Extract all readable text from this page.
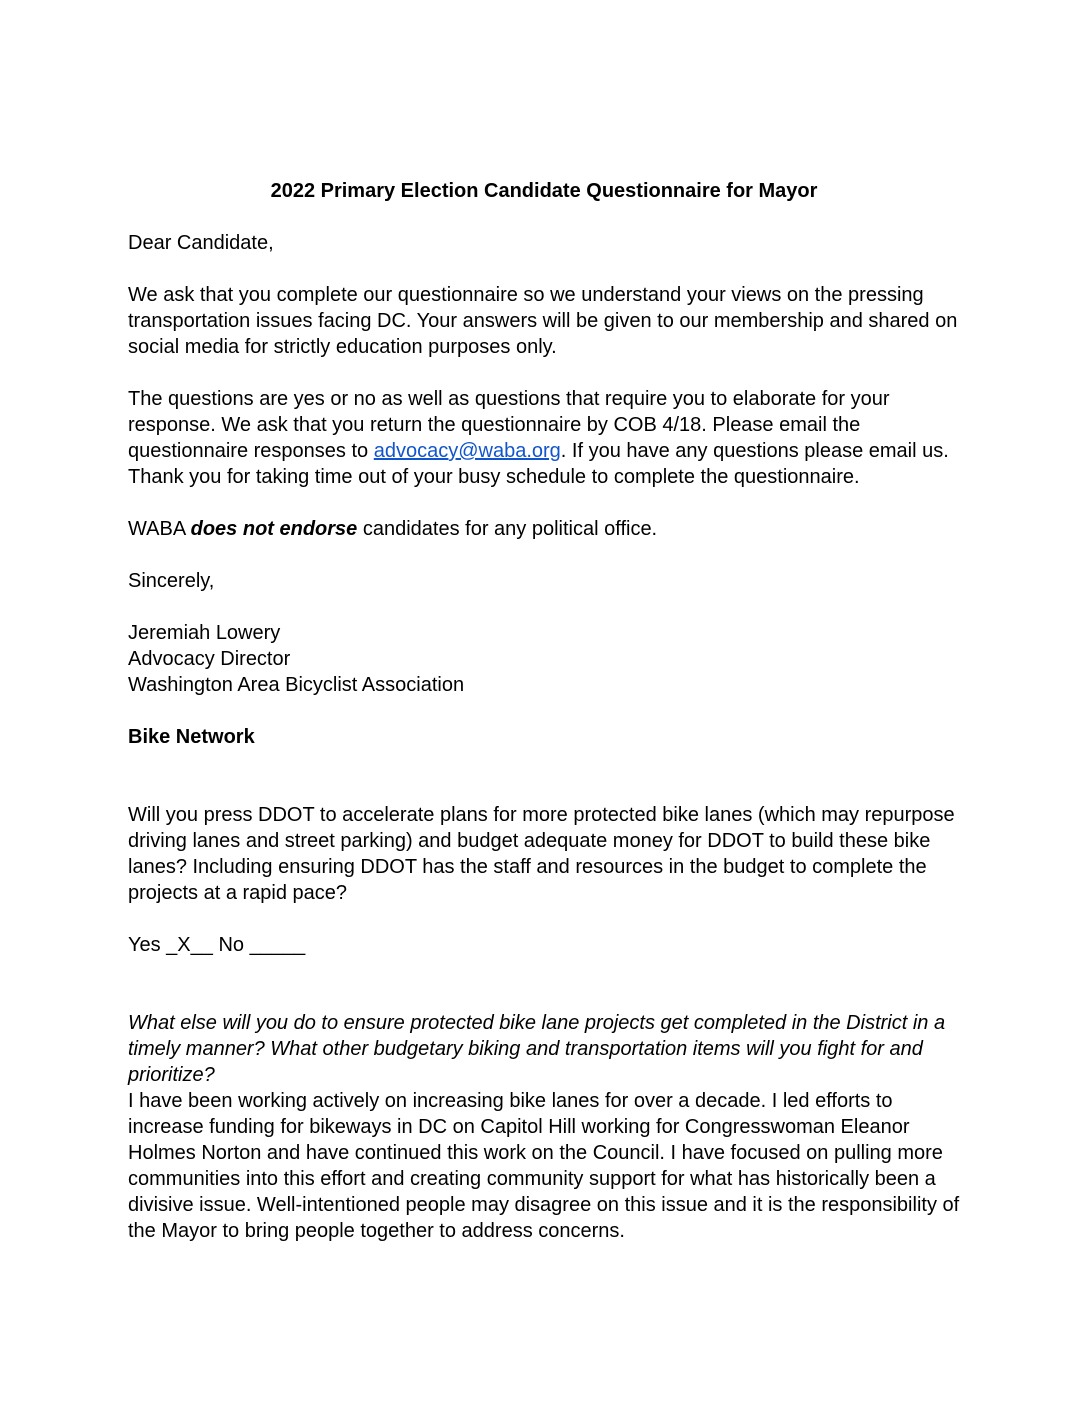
2022 Primary Election Candidate Questionnaire for Mayor

Dear Candidate,

We ask that you complete our questionnaire so we understand your views on the pressing transportation issues facing DC. Your answers will be given to our membership and shared on social media for strictly education purposes only.

The questions are yes or no as well as questions that require you to elaborate for your response. We ask that you return the questionnaire by COB 4/18. Please email the questionnaire responses to advocacy@waba.org. If you have any questions please email us. Thank you for taking time out of your busy schedule to complete the questionnaire.

WABA does not endorse candidates for any political office.

Sincerely,

Jeremiah Lowery

Advocacy Director

Washington Area Bicyclist Association

Bike Network

Will you press DDOT to accelerate plans for more protected bike lanes (which may repurpose driving lanes and street parking) and budget adequate money for DDOT to build these bike lanes? Including ensuring DDOT has the staff and resources in the budget to complete the projects at a rapid pace?

Yes _X__ No _____

What else will you do to ensure protected bike lane projects get completed in the District in a timely manner? What other budgetary biking and transportation items will you fight for and prioritize?

I have been working actively on increasing bike lanes for over a decade. I led efforts to increase funding for bikeways in DC on Capitol Hill working for Congresswoman Eleanor Holmes Norton and have continued this work on the Council. I have focused on pulling more communities into this effort and creating community support for what has historically been a divisive issue. Well-intentioned people may disagree on this issue and it is the responsibility of the Mayor to bring people together to address concerns.
